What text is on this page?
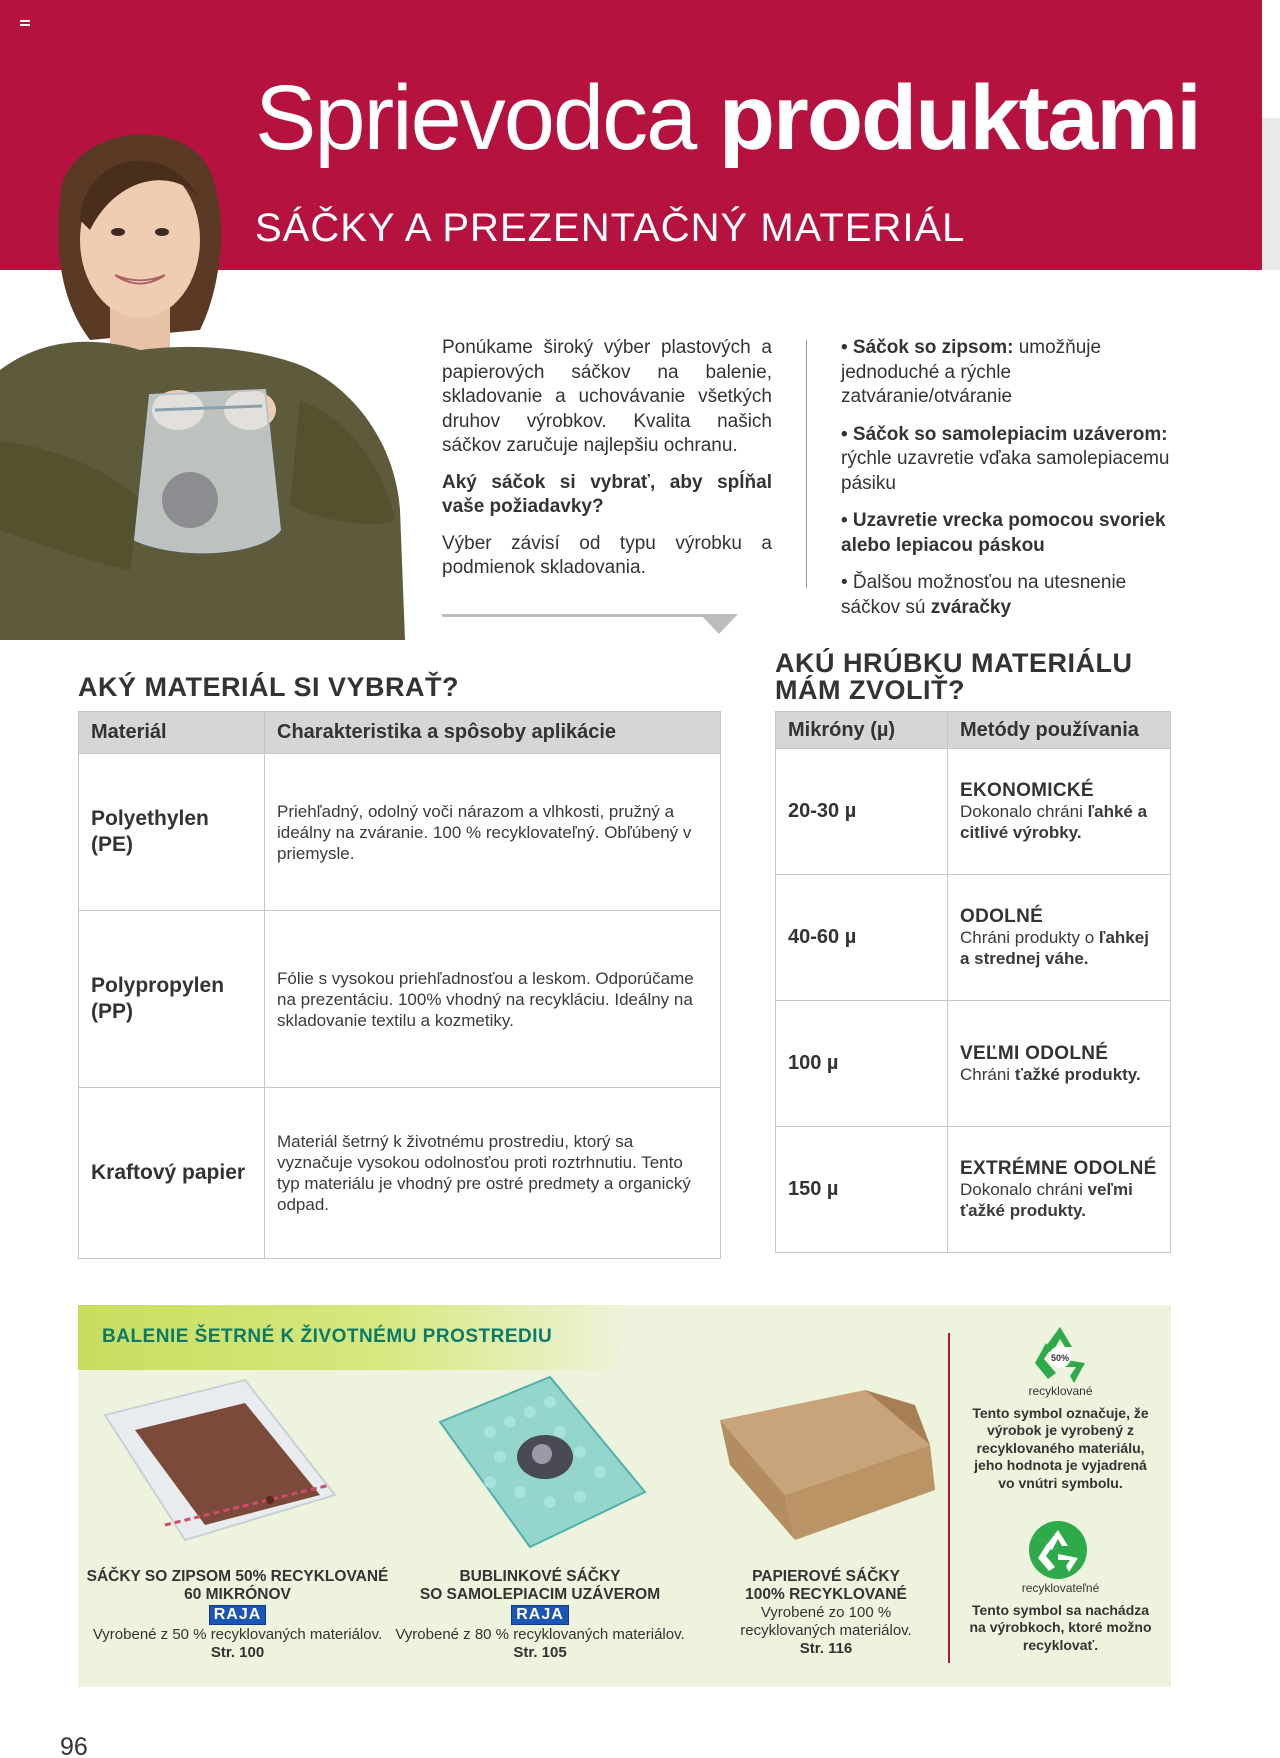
Sprievodca produktami
SÁČKY A PREZENTAČNÝ MATERIÁL

Ponúkame široký výber plastových a papierových sáčkov na balenie, skladovanie a uchovávanie všetkých druhov výrobkov. Kvalita našich sáčkov zaručuje najlepšiu ochranu.

Aký sáčok si vybrať, aby spĺňal vaše požiadavky?

Výber závisí od typu výrobku a podmienok skladovania.

• Sáčok so zipsom: umožňuje jednoduché a rýchle zatváranie/otváranie

• Sáčok so samolepiacim uzáverom: rýchle uzavretie vďaka samolepiacemu pásiku

• Uzavretie vrecka pomocou svoriek alebo lepiacou páskou

• Ďalšou možnosťou na utesnenie sáčkov sú zváračky

AKÝ MATERIÁL SI VYBRAŤ?
Materiál	Charakteristika a spôsoby aplikácie
Polyethylen (PE)	Priehľadný, odolný voči nárazom a vlhkosti, pružný a ideálny na zváranie. 100 % recyklovateľný. Obľúbený v priemysle.
Polypropylen (PP)	Fólie s vysokou priehľadnosťou a leskom. Odporúčame na prezentáciu. 100% vhodný na recykláciu. Ideálny na skladovanie textilu a kozmetiky.
Kraftový papier	Materiál šetrný k životnému prostrediu, ktorý sa vyznačuje vysokou odolnosťou proti roztrhnutiu. Tento typ materiálu je vhodný pre ostré predmety a organický odpad.
AKÚ HRÚBKU MATERIÁLU
MÁM ZVOLIŤ?
Mikróny (µ)	Metódy používania
20-30 µ	EKONOMICKÉ
Dokonalo chráni ľahké a citlivé výrobky.
40-60 µ	ODOLNÉ
Chráni produkty o ľahkej a strednej váhe.
100 µ	VEĽMI ODOLNÉ
Chráni ťažké produkty.
150 µ	EXTRÉMNE ODOLNÉ
Dokonalo chráni veľmi ťažké produkty.
BALENIE ŠETRNÉ K ŽIVOTNÉMU PROSTREDIU
SÁČKY SO ZIPSOM 50% RECYKLOVANÉ
60 MIKRÓNOV
RAJA
Vyrobené z 50 % recyklovaných materiálov.
Str. 100
BUBLINKOVÉ SÁČKY
SO SAMOLEPIACIM UZÁVEROM
RAJA
Vyrobené z 80 % recyklovaných materiálov.
Str. 105
PAPIEROVÉ SÁČKY
100% RECYKLOVANÉ
Vyrobené zo 100 % recyklovaných materiálov.
Str. 116
50%
recyklované
Tento symbol označuje, že výrobok je vyrobený z recyklovaného materiálu, jeho hodnota je vyjadrená vo vnútri symbolu.
recyklovateľné
Tento symbol sa nachádza na výrobkoch, ktoré možno recyklovať.
96
